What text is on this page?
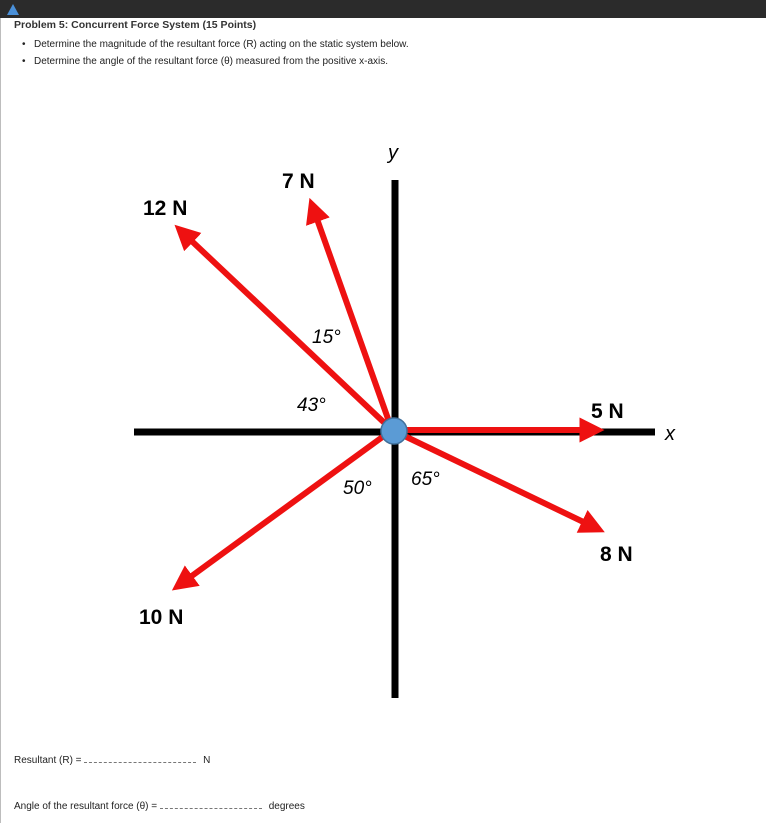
Problem 5: Concurrent Force System (15 Points)
• Determine the magnitude of the resultant force (R) acting on the static system below.
• Determine the angle of the resultant force (θ) measured from the positive x-axis.
y
x
12 N
7 N
5 N
8 N
10 N
15°
43°
50° 65°
Resultant (R) =	N
Angle of the resultant force (θ) =	degrees
